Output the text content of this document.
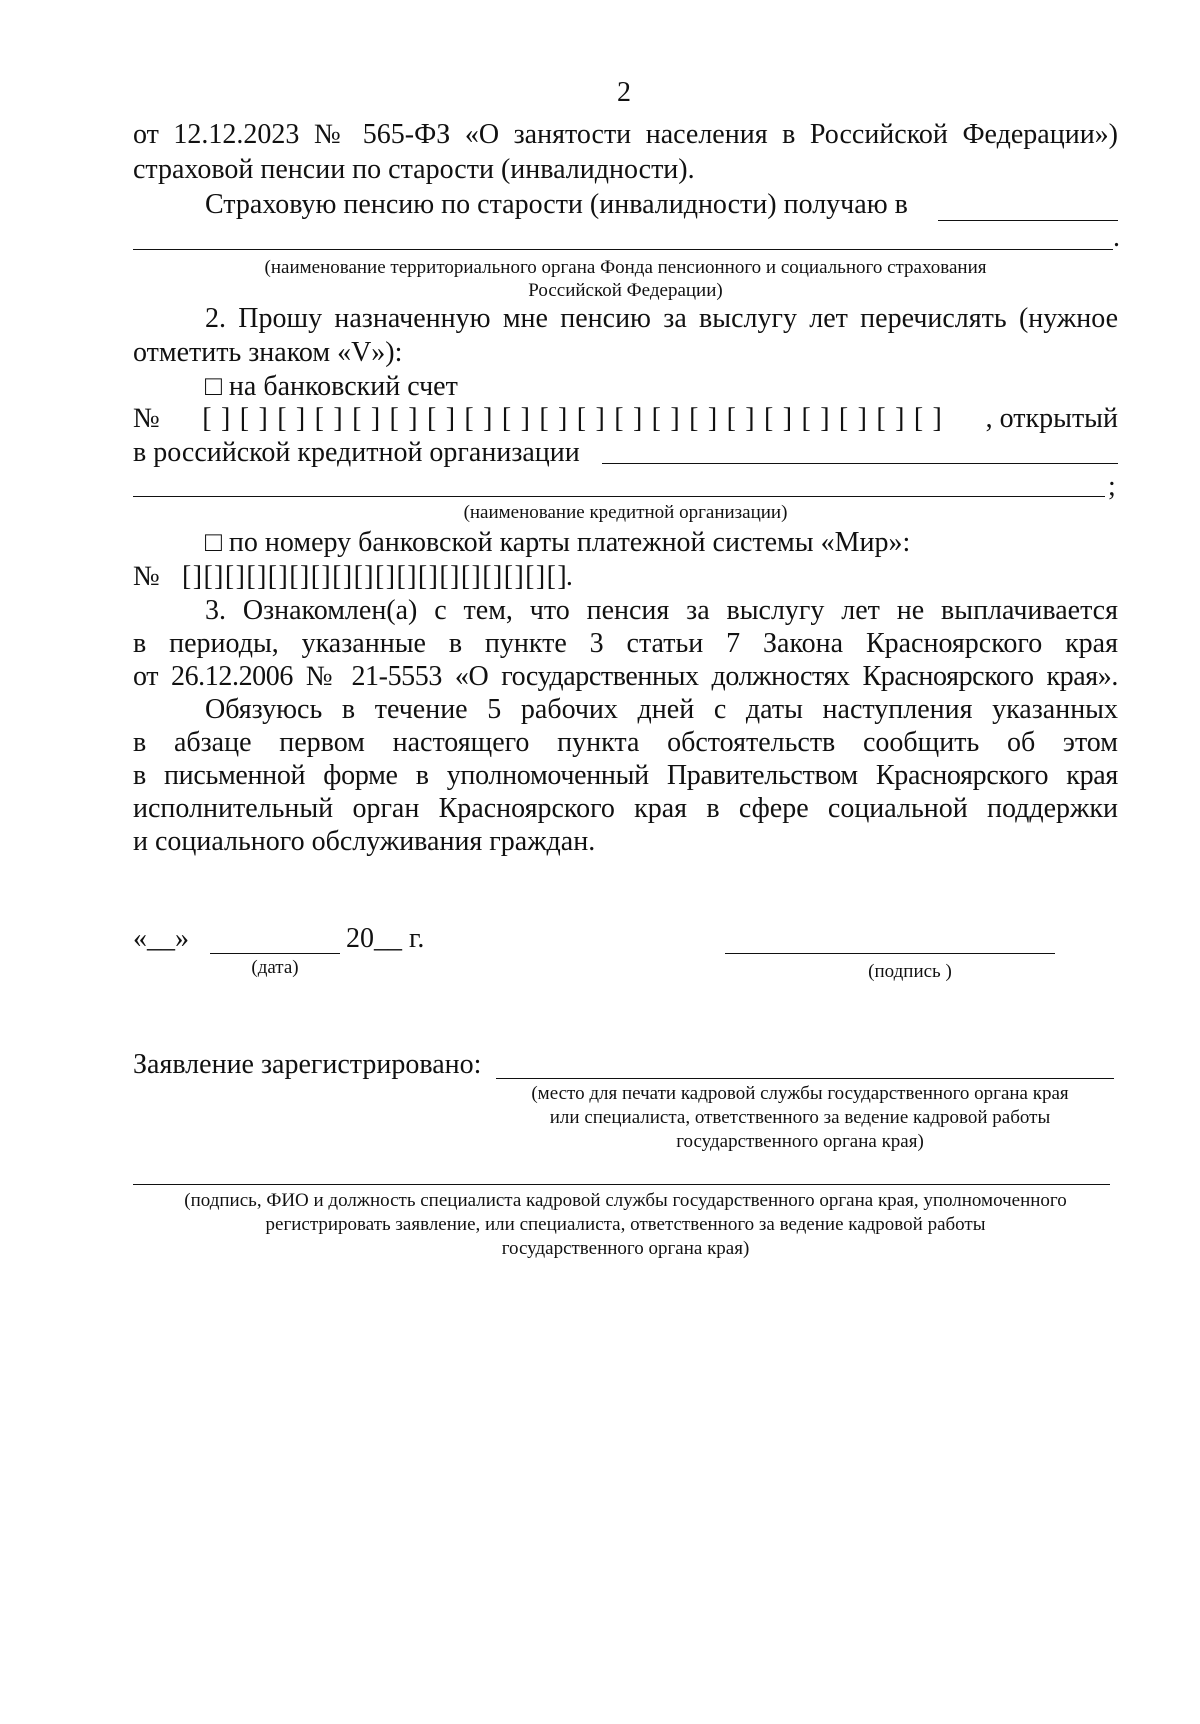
2
от 12.12.2023 № 565-ФЗ «О занятости населения в Российской Федерации»)
страховой пенсии по старости (инвалидности).
Страховую пенсию по старости (инвалидности) получаю в
.
(наименование территориального органа Фонда пенсионного и социального страхования
Российской Федерации)
2. Прошу назначенную мне пенсию за выслугу лет перечислять (нужное
отметить знаком «V»):
□ на банковский счет
№ [ ] [ ] [ ] [ ] [ ] [ ] [ ] [ ] [ ] [ ] [ ] [ ] [ ] [ ] [ ] [ ] [ ] [ ] [ ] [ ] , открытый
в российской кредитной организации
;
(наименование кредитной организации)
□ по номеру банковской карты платежной системы «Мир»:
№ [ ] [ ] [ ] [ ] [ ] [ ] [ ] [ ] [ ] [ ] [ ] [ ] [ ] [ ] [ ] [ ] [ ] [ ].
3. Ознакомлен(а) с тем, что пенсия за выслугу лет не выплачивается
в периоды, указанные в пункте 3 статьи 7 Закона Красноярского края
от 26.12.2006 № 21-5553 «О государственных должностях Красноярского края».
Обязуюсь в течение 5 рабочих дней с даты наступления указанных
в абзаце первом настоящего пункта обстоятельств сообщить об этом
в письменной форме в уполномоченный Правительством Красноярского края
исполнительный орган Красноярского края в сфере социальной поддержки
и социального обслуживания граждан.
«__»	20__ г.
(дата)	(подпись )
Заявление зарегистрировано:
(место для печати кадровой службы государственного органа края
или специалиста, ответственного за ведение кадровой работы
государственного органа края)
(подпись, ФИО и должность специалиста кадровой службы государственного органа края, уполномоченного
регистрировать заявление, или специалиста, ответственного за ведение кадровой работы
государственного органа края)
